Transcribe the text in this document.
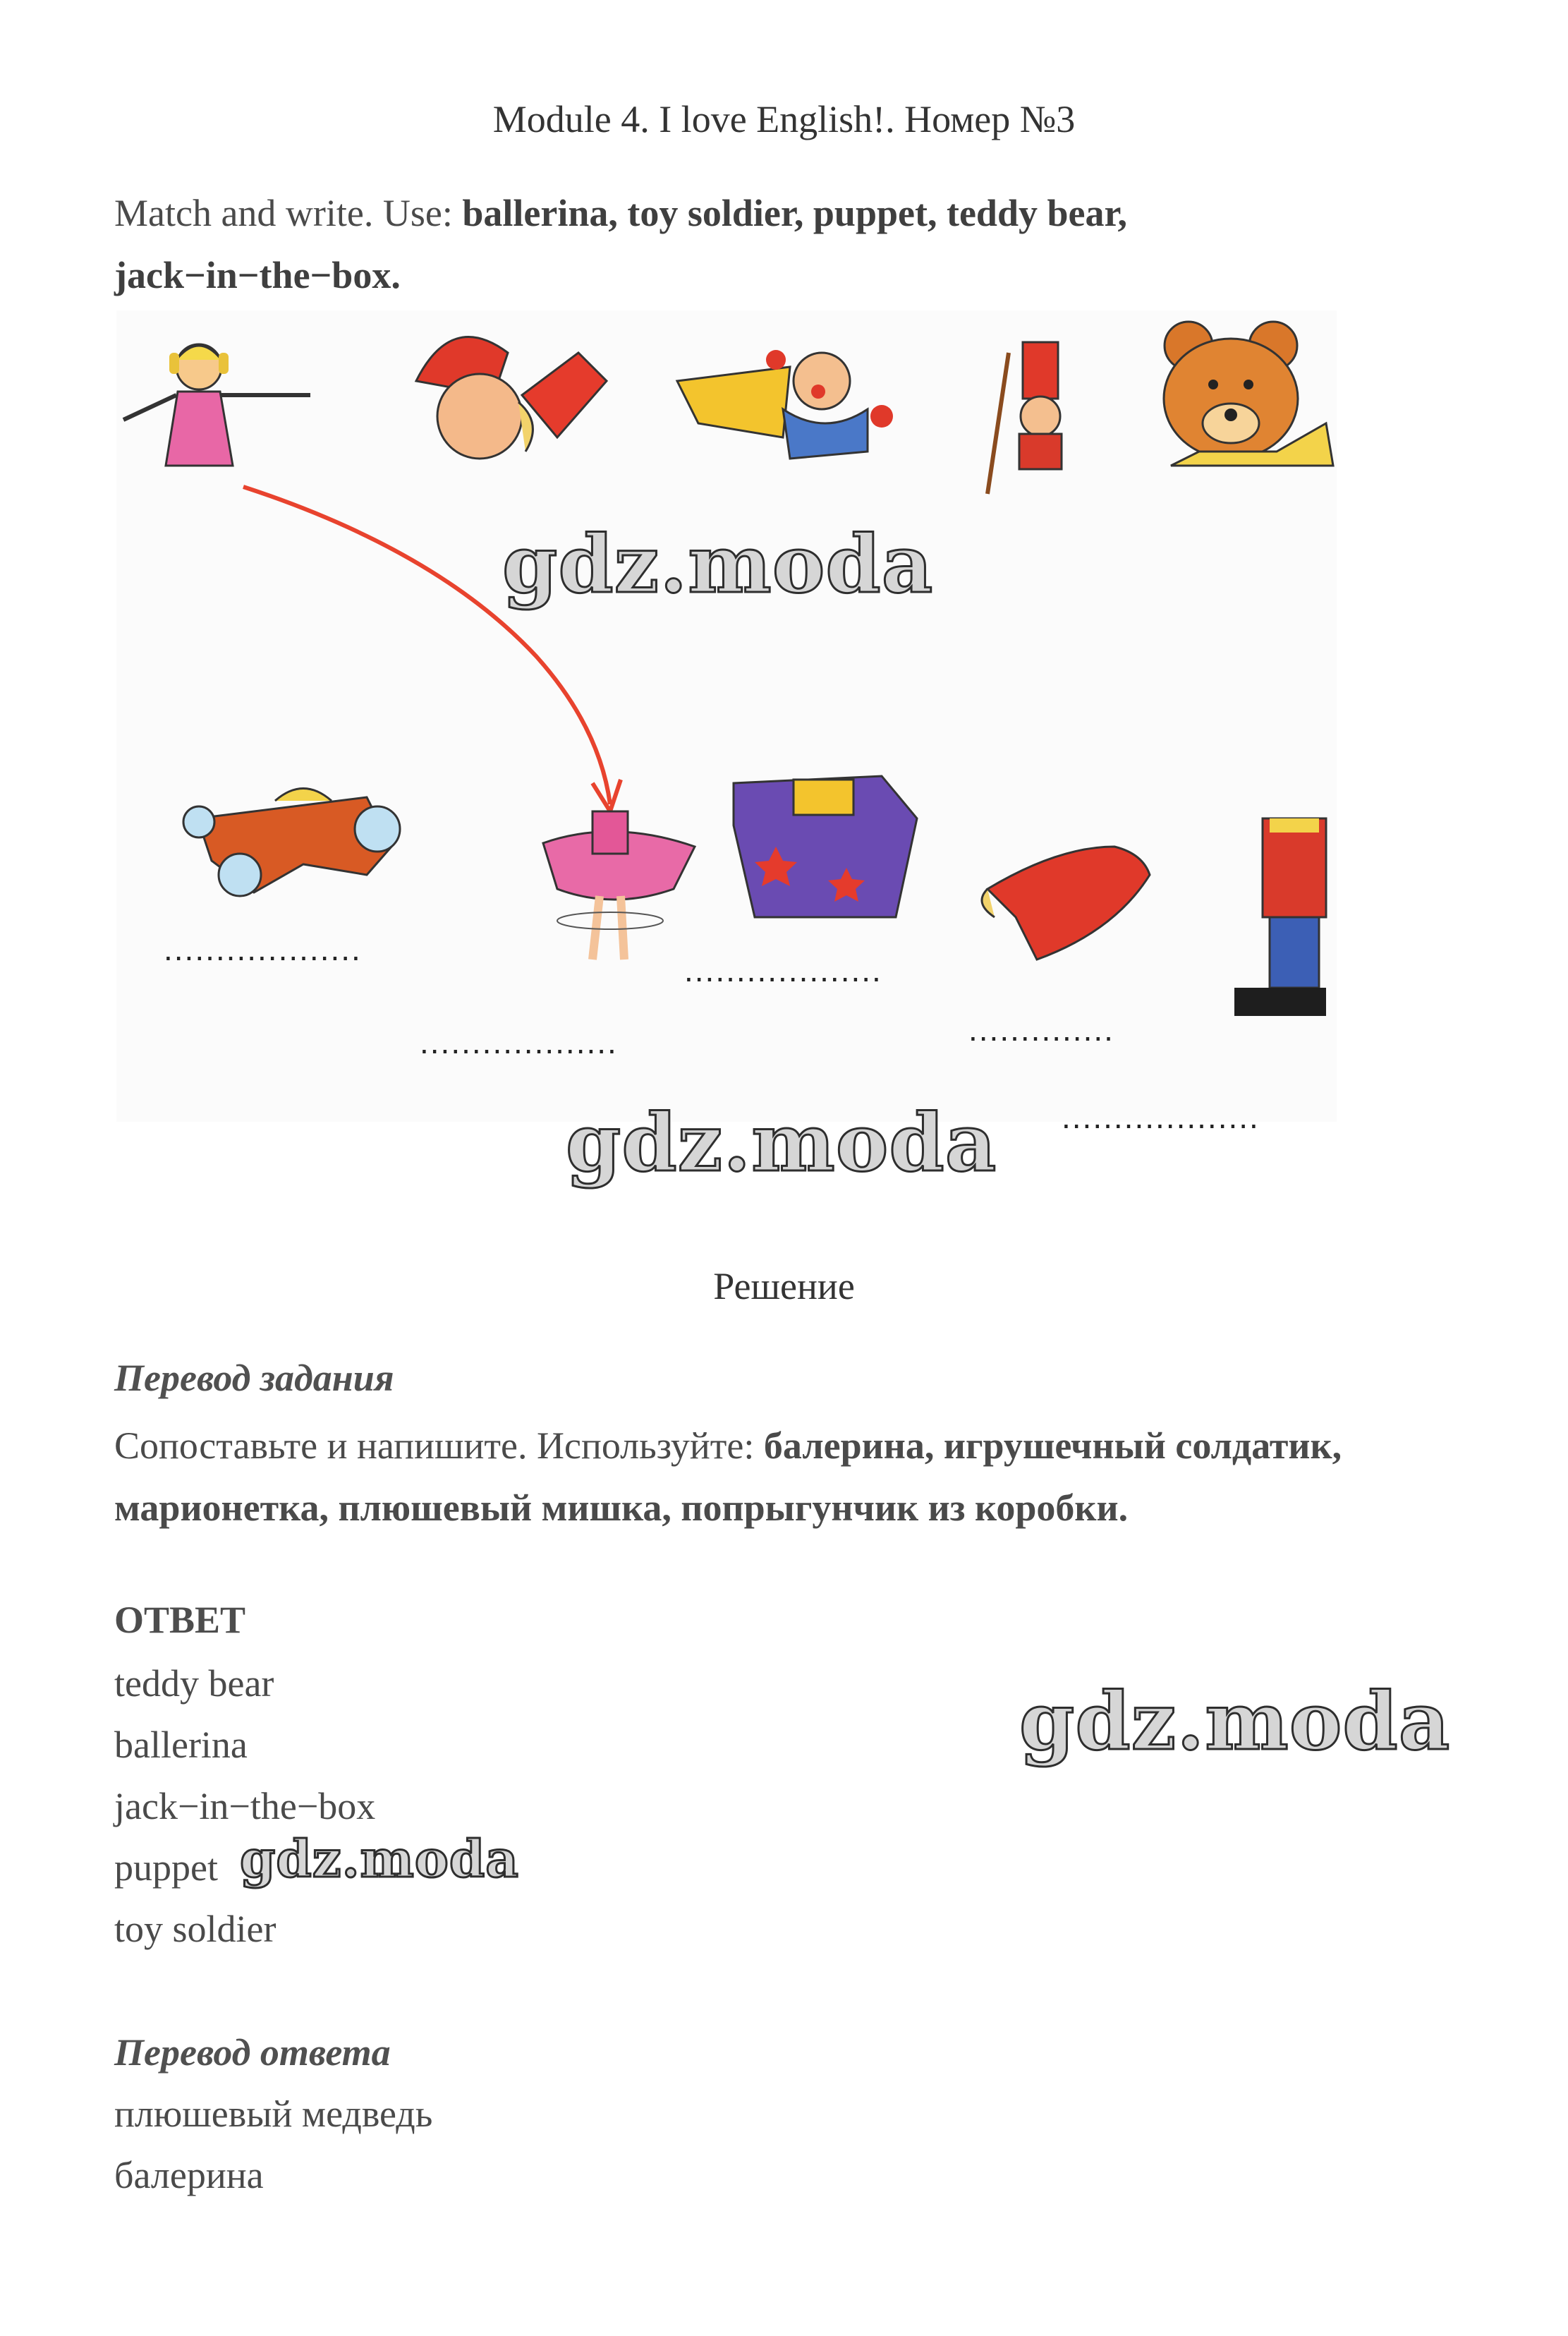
Module 4. I love English!. Номер №3
Match and write. Use: ballerina, toy soldier, puppet, teddy bear,
jack−in−the−box.
...................
...................
...................
..............
...................
gdz.moda
gdz.moda
gdz.moda
gdz.moda
Решение
Перевод задания
Сопоставьте и напишите. Используйте: балерина, игрушечный солдатик,
марионетка, плюшевый мишка, попрыгунчик из коробки.
ОТВЕТ
teddy bear
ballerina
jack−in−the−box
puppet
toy soldier
Перевод ответа
плюшевый медведь
балерина
